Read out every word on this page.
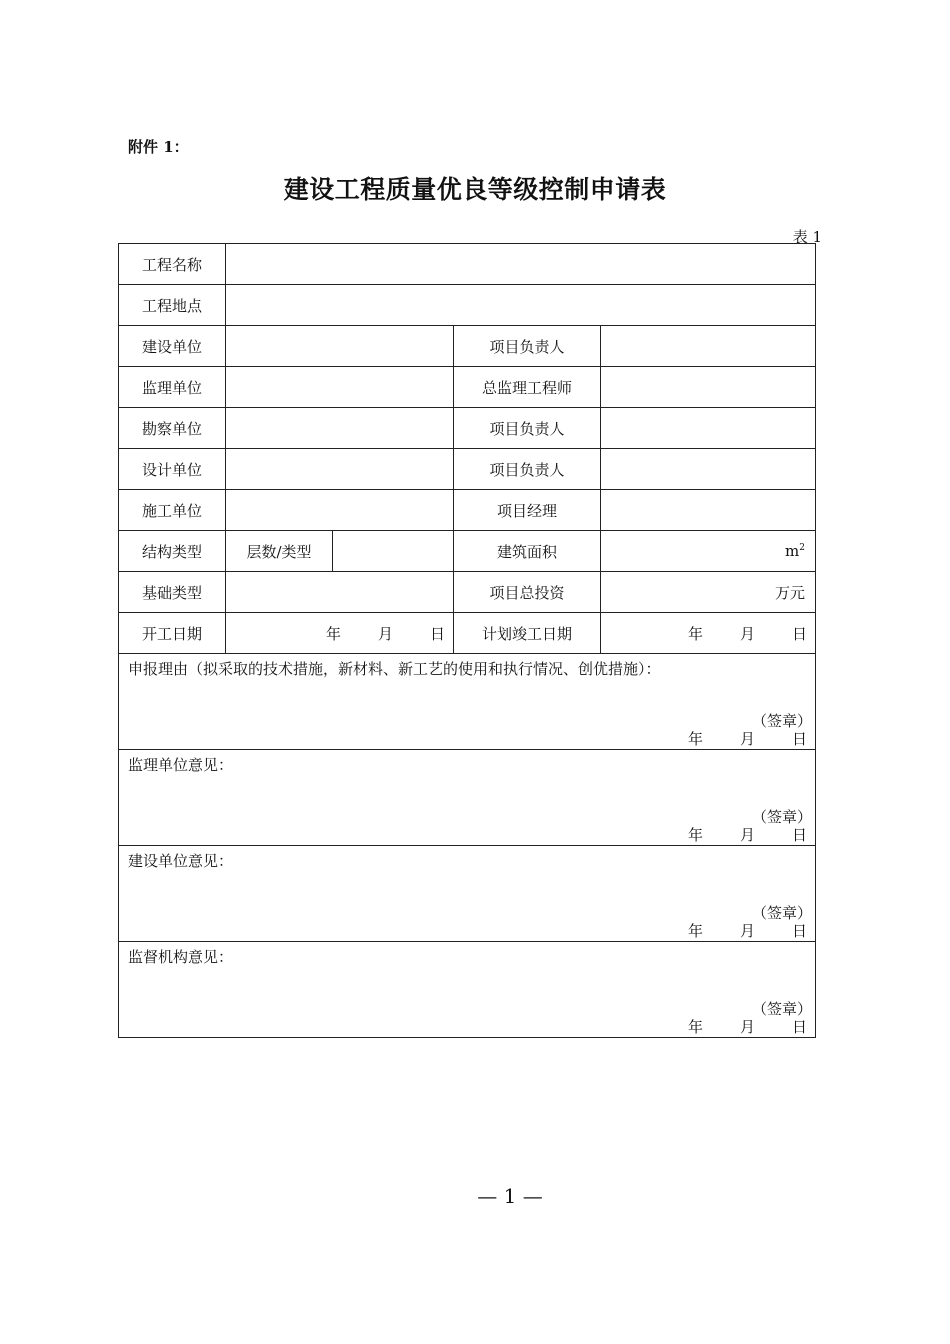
附件 1：
建设工程质量优良等级控制申请表
表 1
工程名称				
工程地点				
建设单位			项目负责人	
监理单位			总监理工程师	
勘察单位			项目负责人	
设计单位			项目负责人	
施工单位			项目经理	
结构类型	层数/类型		建筑面积	$m^2$
基础类型			项目总投资	万元
开工日期	年 月 日		计划竣工日期	年 月 日

申报理由（拟采取的技术措施，新材料、新工艺的使用和执行情况、创优措施）：
（签章）
年 月 日				

监理单位意见：
（签章）
年 月 日				

建设单位意见：
（签章）
年 月 日				

监督机构意见：
（签章）
年 月 日				
— 1 —
